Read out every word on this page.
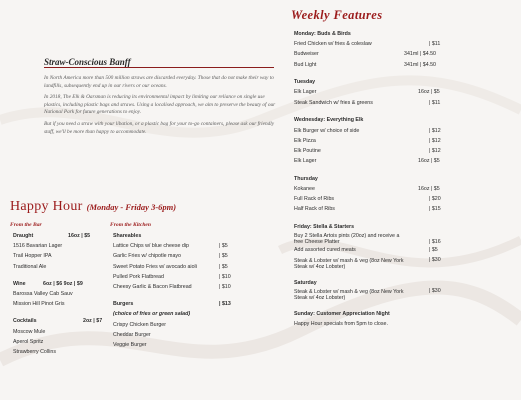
Straw-Conscious Banff

In North America more than 500 million straws are discarded everyday. Those that do not make their way to landfills, subsequently end up in our rivers or our oceans.

In 2018, The Elk & Oarsman is reducing its environmental impact by limiting our reliance on single use plastics, including plastic bags and straws. Using a localised approach, we aim to preserve the beauty of our National Park for future generations to enjoy.

But if you need a straw with your libation, or a plastic bag for your to-go containers, please ask our friendly staff, we'll be more than happy to accommodate.

Happy Hour (Monday - Friday 3-6pm)
From the Bar	From the Kitchen
Draught	16oz | $5
1516 Bavarian Lager
Trail Hopper IPA
Traditional Ale
Wine	6oz | $6 9oz | $9
Barossa Valley Cab Sauv
Mission Hill Pinot Gris
Cocktails	2oz | $7
Moscow Mule
Aperol Spritz
Strawberry Collins
Shareables
Lattice Chips w/ blue cheese dip	| $5
Garlic Fries w/ chipotle mayo	| $5
Sweet Potato Fries w/ avocado aioli	| $5
Pulled Pork Flatbread	| $10
Cheesy Garlic & Bacon Flatbread	| $10
Burgers	| $13
(choice of fries or green salad)
Crispy Chicken Burger
Cheddar Burger
Veggie Burger
Weekly Features
Monday: Buds & Birds
Fried Chicken w/ fries & coleslaw	| $11
Budweiser	341ml | $4.50
Bud Light	341ml | $4.50
Tuesday
Elk Lager	16oz | $5
Steak Sandwich w/ fries & greens	| $11
Wednesday: Everything Elk
Elk Burger w/ choice of side	| $12
Elk Pizza	| $12
Elk Poutine	| $12
Elk Lager	16oz | $5
Thursday
Kokanee	16oz | $5
Full Rack of Ribs	| $20
Half Rack of Ribs	| $15
Friday: Stella & Starters
Buy 2 Stella Artois pints (20oz) and receive a free Cheese Platter	| $16
Add assorted cured meats	| $5
Steak & Lobster w/ mash & veg (8oz New York Steak w/ 4oz Lobster)
| $30
Saturday
Steak & Lobster w/ mash & veg (8oz New York Steak w/ 4oz Lobster)
| $30
Sunday: Customer Appreciation Night
Happy Hour specials from 5pm to close.
